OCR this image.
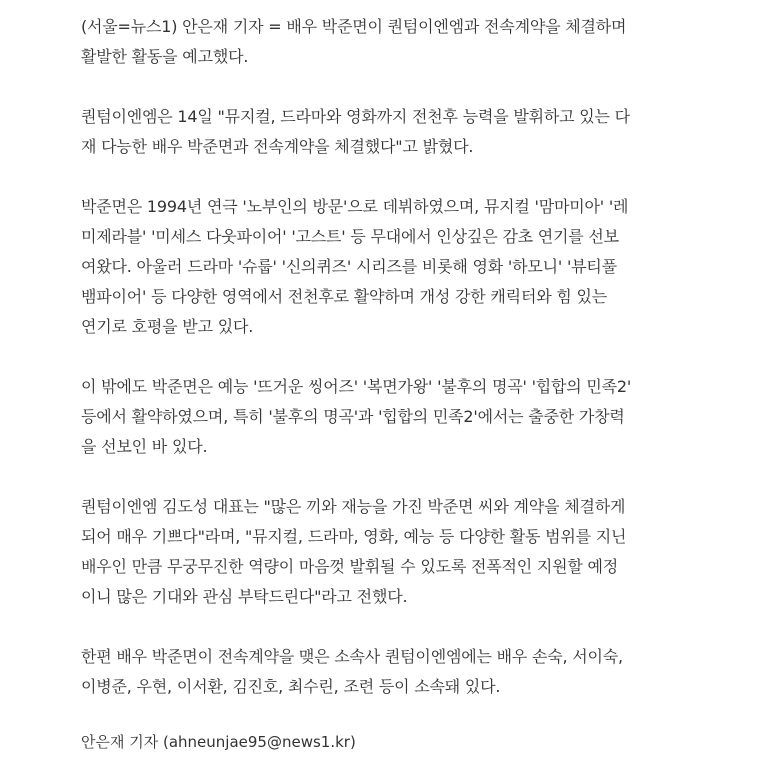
(서울=뉴스1) 안은재 기자 = 배우 박준면이 퀀텀이엔엠과 전속계약을 체결하며
활발한 활동을 예고했다.

퀀텀이엔엠은 14일 "뮤지컬, 드라마와 영화까지 전천후 능력을 발휘하고 있는 다
재 다능한 배우 박준면과 전속계약을 체결했다"고 밝혔다.

박준면은 1994년 연극 '노부인의 방문'으로 데뷔하였으며, 뮤지컬 '맘마미아' '레
미제라블' '미세스 다웃파이어' '고스트' 등 무대에서 인상깊은 감초 연기를 선보
여왔다. 아울러 드라마 '슈룹' '신의퀴즈' 시리즈를 비롯해 영화 '하모니' '뷰티풀
뱀파이어' 등 다양한 영역에서 전천후로 활약하며 개성 강한 캐릭터와 힘 있는
연기로 호평을 받고 있다.

이 밖에도 박준면은 예능 '뜨거운 씽어즈' '복면가왕' '불후의 명곡' '힙합의 민족2'
등에서 활약하였으며, 특히 '불후의 명곡'과 '힙합의 민족2'에서는 출중한 가창력
을 선보인 바 있다.

퀀텀이엔엠 김도성 대표는 "많은 끼와 재능을 가진 박준면 씨와 계약을 체결하게
되어 매우 기쁘다"라며, "뮤지컬, 드라마, 영화, 예능 등 다양한 활동 범위를 지닌
배우인 만큼 무궁무진한 역량이 마음껏 발휘될 수 있도록 전폭적인 지원할 예정
이니 많은 기대와 관심 부탁드린다"라고 전했다.

한편 배우 박준면이 전속계약을 맺은 소속사 퀀텀이엔엠에는 배우 손숙, 서이숙,
이병준, 우현, 이서환, 김진호, 최수린, 조련 등이 소속돼 있다.

안은재 기자 (ahneunjae95@news1.kr)
